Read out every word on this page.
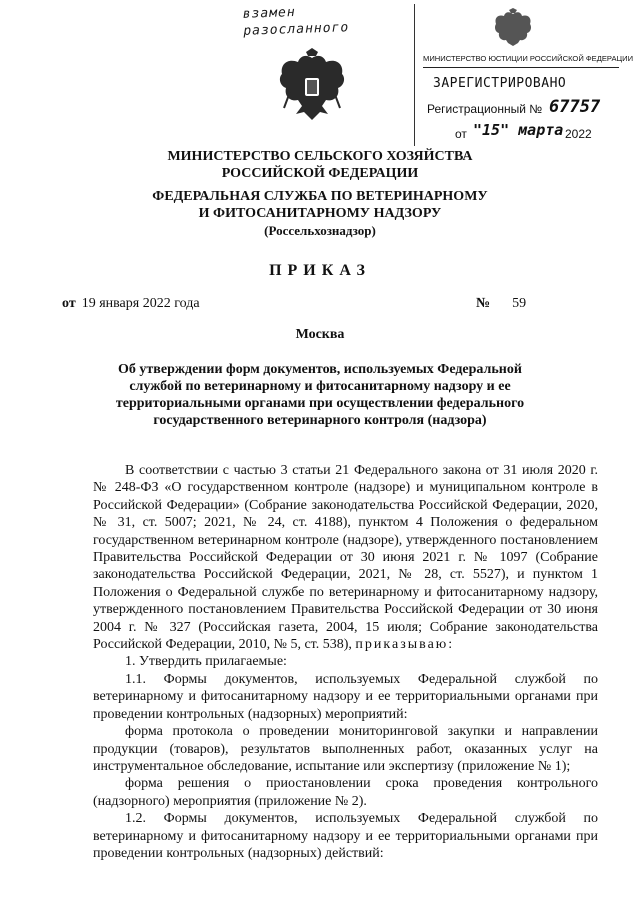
взамен
разосланного
МИНИСТЕРСТВО ЮСТИЦИИ РОССИЙСКОЙ ФЕДЕРАЦИИ
ЗАРЕГИСТРИРОВАНО
Регистрационный № 67757
от "15" марта 2022
МИНИСТЕРСТВО СЕЛЬСКОГО ХОЗЯЙСТВА
РОССИЙСКОЙ ФЕДЕРАЦИИ
ФЕДЕРАЛЬНАЯ СЛУЖБА ПО ВЕТЕРИНАРНОМУ
И ФИТОСАНИТАРНОМУ НАДЗОРУ
(Россельхознадзор)
ПРИКАЗ
от 19 января 2022 года	№ 59
Москва
Об утверждении форм документов, используемых Федеральной службой по ветеринарному и фитосанитарному надзору и ее территориальными органами при осуществлении федерального государственного ветеринарного контроля (надзора)

В соответствии с частью 3 статьи 21 Федерального закона от 31 июля 2020 г. № 248-ФЗ «О государственном контроле (надзоре) и муниципальном контроле в Российской Федерации» (Собрание законодательства Российской Федерации, 2020, № 31, ст. 5007; 2021, № 24, ст. 4188), пунктом 4 Положения о федеральном государственном ветеринарном контроле (надзоре), утвержденного постановлением Правительства Российской Федерации от 30 июня 2021 г. № 1097 (Собрание законодательства Российской Федерации, 2021, № 28, ст. 5527), и пунктом 1 Положения о Федеральной службе по ветеринарному и фитосанитарному надзору, утвержденного постановлением Правительства Российской Федерации от 30 июня 2004 г. № 327 (Российская газета, 2004, 15 июля; Собрание законодательства Российской Федерации, 2010, № 5, ст. 538), приказываю:

1. Утвердить прилагаемые:

1.1. Формы документов, используемых Федеральной службой по ветеринарному и фитосанитарному надзору и ее территориальными органами при проведении контрольных (надзорных) мероприятий:

форма протокола о проведении мониторинговой закупки и направлении продукции (товаров), результатов выполненных работ, оказанных услуг на инструментальное обследование, испытание или экспертизу (приложение № 1);

форма решения о приостановлении срока проведения контрольного (надзорного) мероприятия (приложение № 2).

1.2. Формы документов, используемых Федеральной службой по ветеринарному и фитосанитарному надзору и ее территориальными органами при проведении контрольных (надзорных) действий:
